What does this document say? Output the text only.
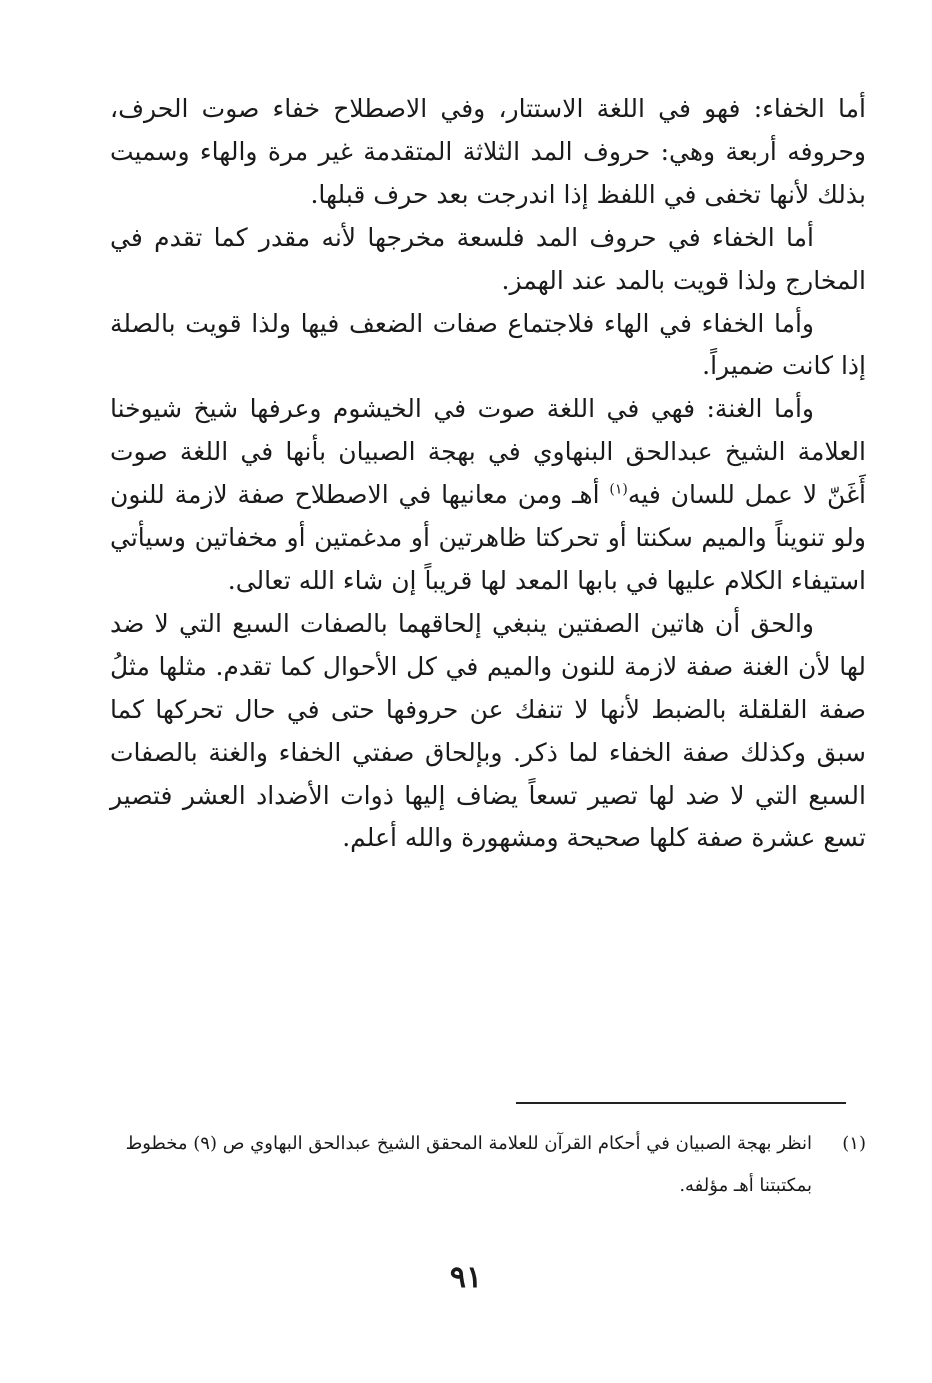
أما الخفاء: فهو في اللغة الاستتار، وفي الاصطلاح خفاء صوت الحرف، وحروفه أربعة وهي: حروف المد الثلاثة المتقدمة غير مرة والهاء وسميت بذلك لأنها تخفى في اللفظ إذا اندرجت بعد حرف قبلها.

أما الخفاء في حروف المد فلسعة مخرجها لأنه مقدر كما تقدم في المخارج ولذا قويت بالمد عند الهمز.

وأما الخفاء في الهاء فلاجتماع صفات الضعف فيها ولذا قويت بالصلة إذا كانت ضميراً.

وأما الغنة: فهي في اللغة صوت في الخيشوم وعرفها شيخ شيوخنا العلامة الشيخ عبدالحق البنهاوي في بهجة الصبيان بأنها في اللغة صوت أَغَنّ لا عمل للسان فيه$^{(١)}$ أهـ ومن معانيها في الاصطلاح صفة لازمة للنون ولو تنويناً والميم سكنتا أو تحركتا ظاهرتين أو مدغمتين أو مخفاتين وسيأتي استيفاء الكلام عليها في بابها المعد لها قريباً إن شاء الله تعالى.

والحق أن هاتين الصفتين ينبغي إلحاقهما بالصفات السبع التي لا ضد لها لأن الغنة صفة لازمة للنون والميم في كل الأحوال كما تقدم. مثلها مثلُ صفة القلقلة بالضبط لأنها لا تنفك عن حروفها حتى في حال تحركها كما سبق وكذلك صفة الخفاء لما ذكر. وبإلحاق صفتي الخفاء والغنة بالصفات السبع التي لا ضد لها تصير تسعاً يضاف إليها ذوات الأضداد العشر فتصير تسع عشرة صفة كلها صحيحة ومشهورة والله أعلم.

(١)انظر بهجة الصبيان في أحكام القرآن للعلامة المحقق الشيخ عبدالحق البهاوي ص (٩) مخطوط

بمكتبتنا أهـ مؤلفه.

٩١
